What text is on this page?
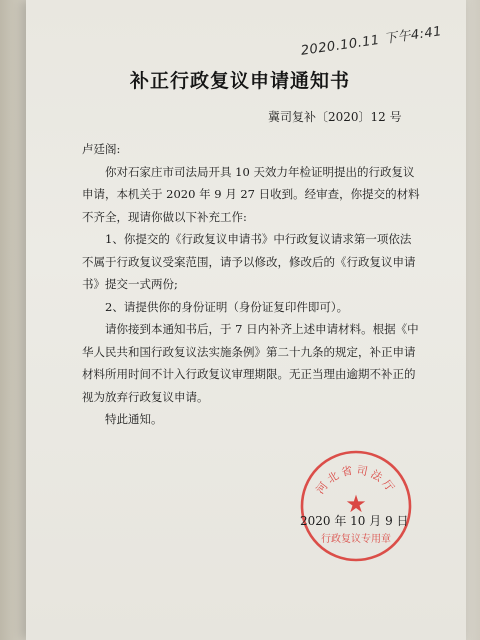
2020.10.11 下午4:41
补正行政复议申请通知书
冀司复补〔2020〕12 号

卢廷阁:

你对石家庄市司法局开具 10 天效力年检证明提出的行政复议申请，本机关于 2020 年 9 月 27 日收到。经审查，你提交的材料不齐全，现请你做以下补充工作:

1、你提交的《行政复议申请书》中行政复议请求第一项依法不属于行政复议受案范围，请予以修改，修改后的《行政复议申请书》提交一式两份;

2、请提供你的身份证明（身份证复印件即可）。

请你接到本通知书后，于 7 日内补齐上述申请材料。根据《中华人民共和国行政复议法实施条例》第二十九条的规定，补正申请材料所用时间不计入行政复议审理期限。无正当理由逾期不补正的视为放弃行政复议申请。

特此通知。

河北省司法厅
★
行政复议专用章
2020 年 10 月 9 日
